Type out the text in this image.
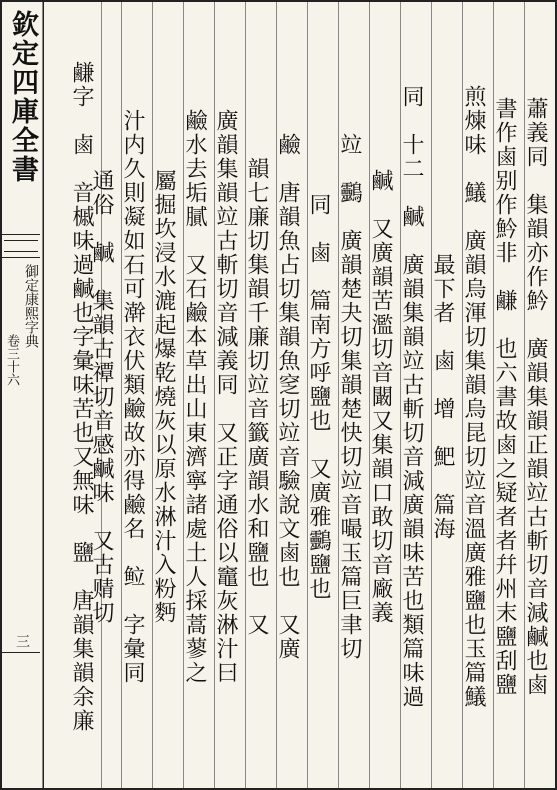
欽定四庫全書
御定康熙字典
卷三十六
三	蕭義同　集韻亦作䰼　廣韻集韻正韻竝古斬切音減鹹也鹵
書作鹵别作䰼非　鹻　也六書故鹵之疑者者幷州末鹽刮鹽
煎煉味　䲑　廣韻烏渾切集韻烏昆切竝音溫廣雅鹽也玉篇䲑
最下者　鹵　增　䰾　篇海
同　十二　鹹　廣韻集韻竝古斬切音減廣韻味苦也類篇味過
鹹　又廣韻苦濫切音闞又集韻口敢切音廠義
竝　䴒　廣韻楚夬切集韻楚快切竝音嘬玉篇巨聿切
同　鹵　篇南方呼鹽也　又廣雅䴒鹽也
鹼　唐韻魚占切集韻魚窆切竝音驗說文鹵也　又廣
韻七廉切集韻千廉切竝音籤廣韻水和鹽也　又
廣韻集韻竝古斬切音減義同　又正字通俗以竈灰淋汁曰
鹼水去垢膩　又石鹼本草出山東濟寧諸處土人採蒿蓼之
屬掘坎浸水漉起爆乾燒灰以原水淋汁入粉麪
汁内久則凝如石可澣衣伏類鹼故亦得鹼名　䲞　字彙同
通俗　鹹　集韻古禫切音感鹹味　又古䞍切
鹻字　鹵　音槭味過鹹也字彙味苦也又無味　鹽　唐韻集韻余廉
